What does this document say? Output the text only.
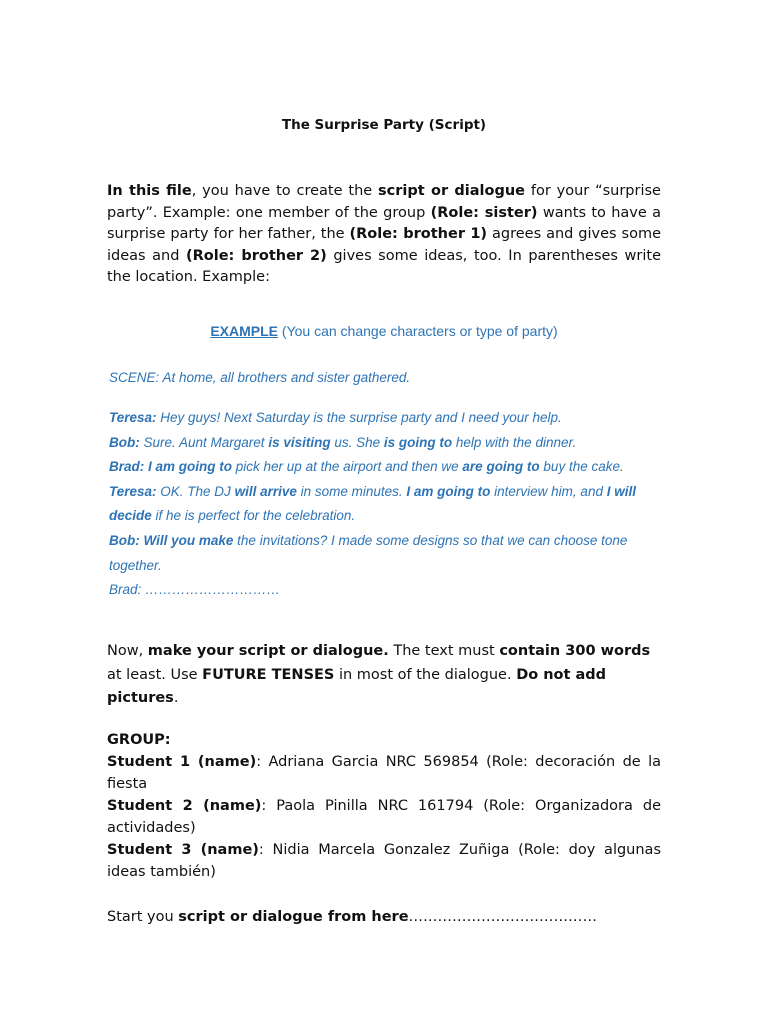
The Surprise Party (Script)
In this file, you have to create the script or dialogue for your “surprise party”. Example: one member of the group (Role: sister) wants to have a surprise party for her father, the (Role: brother 1) agrees and gives some ideas and (Role: brother 2) gives some ideas, too. In parentheses write the location. Example:
EXAMPLE (You can change characters or type of party)
SCENE: At home, all brothers and sister gathered.
Teresa: Hey guys! Next Saturday is the surprise party and I need your help.
Bob: Sure. Aunt Margaret is visiting us. She is going to help with the dinner.
Brad: I am going to pick her up at the airport and then we are going to buy the cake.
Teresa: OK. The DJ will arrive in some minutes. I am going to interview him, and I will decide if he is perfect for the celebration.
Bob: Will you make the invitations? I made some designs so that we can choose tone together.
Brad: …………………………
Now, make your script or dialogue. The text must contain 300 words at least. Use FUTURE TENSES in most of the dialogue. Do not add pictures.
GROUP:

Student 1 (name): Adriana Garcia NRC 569854 (Role: decoración de la fiesta

Student 2 (name): Paola Pinilla NRC 161794 (Role: Organizadora de actividades)

Student 3 (name): Nidia Marcela Gonzalez Zuñiga (Role: doy algunas ideas también)

Start you script or dialogue from here…………………………………
